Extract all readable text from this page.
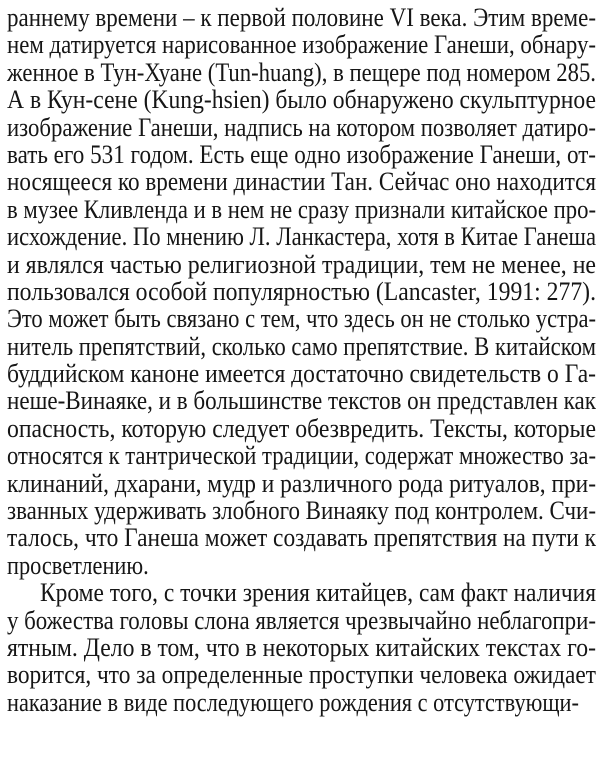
раннему времени – к первой половине VI века. Этим време-
нем датируется нарисованное изображение Ганеши, обнару-
женное в Тун-Хуане (Tun-huang), в пещере под номером 285.
А в Кун-сене (Kung-hsien) было обнаружено скульптурное
изображение Ганеши, надпись на котором позволяет датиро-
вать его 531 годом. Есть еще одно изображение Ганеши, от-
носящееся ко времени династии Тан. Сейчас оно находится
в музее Кливленда и в нем не сразу признали китайское про-
исхождение. По мнению Л. Ланкастера, хотя в Китае Ганеша
и являлся частью религиозной традиции, тем не менее, не
пользовался особой популярностью (Lancaster, 1991: 277).
Это может быть связано с тем, что здесь он не столько устра-
нитель препятствий, сколько само препятствие. В китайском
буддийском каноне имеется достаточно свидетельств о Га-
неше-Винаяке, и в большинстве текстов он представлен как
опасность, которую следует обезвредить. Тексты, которые
относятся к тантрической традиции, содержат множество за-
клинаний, дхарани, мудр и различного рода ритуалов, при-
званных удерживать злобного Винаяку под контролем. Счи-
талось, что Ганеша может создавать препятствия на пути к
просветлению.
Кроме того, с точки зрения китайцев, сам факт наличия
у божества головы слона является чрезвычайно неблагопри-
ятным. Дело в том, что в некоторых китайских текстах го-
ворится, что за определенные проступки человека ожидает
наказание в виде последующего рождения с отсутствующи-
